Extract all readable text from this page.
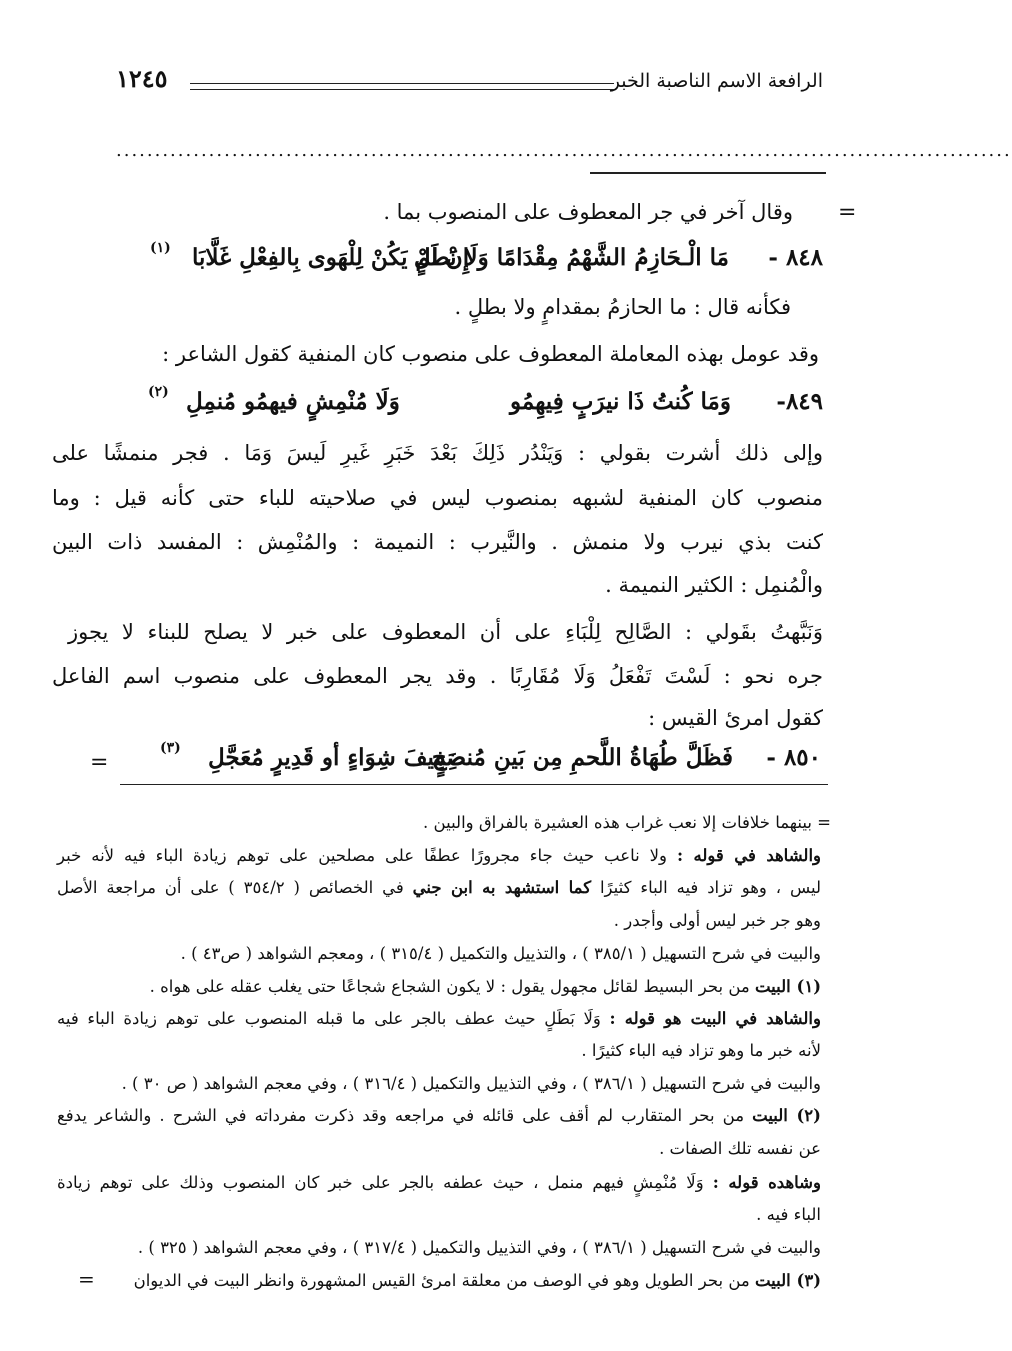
الرافعة الاسم الناصبة الخبر
١٢٤٥
....................................................................................................................
=
وقال آخر في جر المعطوف على المنصوب بما .
٨٤٨ -
مَا الْـحَازِمُ الشَّهْمُ مِقْدَامًا وَلَا بَطَلٍ
إِنْ لَمْ يَكُنْ لِلْهَوى بِالفِعْلِ غَلَّابَا
(١)
فكأنه قال : ما الحازمُ بمقدامٍ ولا بطلٍ .
وقد عومل بهذه المعاملة المعطوف على منصوب كان المنفية كقول الشاعر :
٨٤٩-
وَمَا كُنتُ ذَا نيرَبٍ فِيهِمُو
وَلَا مُنْمِشٍ فيهمُو مُنمِلِ
(٢)
وإلى ذلك أشرت بقولي : وَيَنْدُر ذَلِكَ بَعْدَ خَبَرِ غَيرِ لَيسَ وَمَا . فجر منمشًا على
منصوب كان المنفية لشبهه بمنصوب ليس في صلاحيته للباء حتى كأنه قيل : وما
كنت بذي نيرب ولا منمش . والنَّيرب : النميمة : والمُنْمِش : المفسد ذات البين
والْمُنمِل : الكثير النميمة .
وَنَبَّهتُ بقَولي : الصَّالِح لِلْبَاءِ على أن المعطوف على خبر لا يصلح للبناء لا يجوز
جره نحو : لَسْتَ تَفْعَلُ وَلَا مُقَارِبًا . وقد يجر المعطوف على منصوب اسم الفاعل
كقول امرئ القيس :
٨٥٠ -
فَظَلَّ طُهَاةُ اللَّحمِ مِن بَينِ مُنضِجٍ
صَفِيفَ شِوَاءٍ أو قَدِيرٍ مُعَجَّلِ
(٣)
=
= بينهما خلافات إلا نعب غراب هذه العشيرة بالفراق والبين .
والشاهد في قوله : ولا ناعب حيث جاء مجرورًا عطفًا على مصلحين على توهم زيادة الباء فيه لأنه خبر
ليس ، وهو تزاد فيه الباء كثيرًا كما استشهد به ابن جني في الخصائص ( ٣٥٤/٢ ) على أن مراجعة الأصل
وهو جر خبر ليس أولى وأجدر .
والبيت في شرح التسهيل ( ٣٨٥/١ ) ، والتذييل والتكميل ( ٣١٥/٤ ) ، ومعجم الشواهد ( ص٤٣ ) .
(١) البيت من بحر البسيط لقائل مجهول يقول : لا يكون الشجاع شجاعًا حتى يغلب عقله على هواه .
والشاهد في البيت هو قوله : وَلَا بَطَلٍ حيث عطف بالجر على ما قبله المنصوب على توهم زيادة الباء فيه
لأنه خبر ما وهو تزاد فيه الباء كثيرًا .
والبيت في شرح التسهيل ( ٣٨٦/١ ) ، وفي التذييل والتكميل ( ٣١٦/٤ ) ، وفي معجم الشواهد ( ص ٣٠ ) .
(٢) البيت من بحر المتقارب لم أقف على قائله في مراجعه وقد ذكرت مفرداته في الشرح . والشاعر يدفع
عن نفسه تلك الصفات .
وشاهده قوله : وَلَا مُنْمِشٍ فيهم منمل ، حيث عطفه بالجر على خبر كان المنصوب وذلك على توهم زيادة
الباء فيه .
والبيت في شرح التسهيل ( ٣٨٦/١ ) ، وفي التذييل والتكميل ( ٣١٧/٤ ) ، وفي معجم الشواهد ( ٣٢٥ ) .
(٣) البيت من بحر الطويل وهو في الوصف من معلقة امرئ القيس المشهورة وانظر البيت في الديوان
=
